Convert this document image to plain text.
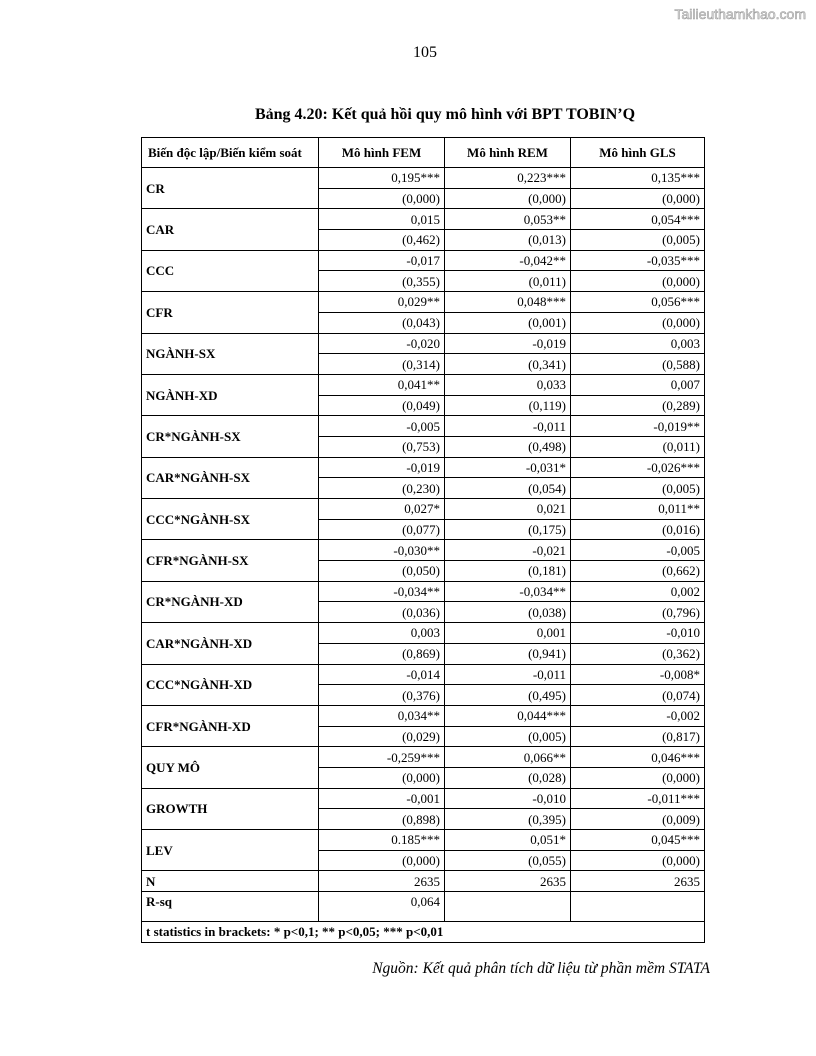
Tailieuthamkhao.com
105
Bảng 4.20: Kết quả hồi quy mô hình với BPT TOBIN’Q
Biến độc lập/Biến kiểm soát	Mô hình FEM	Mô hình REM	Mô hình GLS
CR	0,195***	0,223***	0,135***
	(0,000)	(0,000)	(0,000)
CAR	0,015	0,053**	0,054***
	(0,462)	(0,013)	(0,005)
CCC	-0,017	-0,042**	-0,035***
	(0,355)	(0,011)	(0,000)
CFR	0,029**	0,048***	0,056***
	(0,043)	(0,001)	(0,000)
NGÀNH-SX	-0,020	-0,019	0,003
	(0,314)	(0,341)	(0,588)
NGÀNH-XD	0,041**	0,033	0,007
	(0,049)	(0,119)	(0,289)
CR*NGÀNH-SX	-0,005	-0,011	-0,019**
	(0,753)	(0,498)	(0,011)
CAR*NGÀNH-SX	-0,019	-0,031*	-0,026***
	(0,230)	(0,054)	(0,005)
CCC*NGÀNH-SX	0,027*	0,021	0,011**
	(0,077)	(0,175)	(0,016)
CFR*NGÀNH-SX	-0,030**	-0,021	-0,005
	(0,050)	(0,181)	(0,662)
CR*NGÀNH-XD	-0,034**	-0,034**	0,002
	(0,036)	(0,038)	(0,796)
CAR*NGÀNH-XD	0,003	0,001	-0,010
	(0,869)	(0,941)	(0,362)
CCC*NGÀNH-XD	-0,014	-0,011	-0,008*
	(0,376)	(0,495)	(0,074)
CFR*NGÀNH-XD	0,034**	0,044***	-0,002
	(0,029)	(0,005)	(0,817)
QUY MÔ	-0,259***	0,066**	0,046***
	(0,000)	(0,028)	(0,000)
GROWTH	-0,001	-0,010	-0,011***
	(0,898)	(0,395)	(0,009)
LEV	0.185***	0,051*	0,045***
	(0,000)	(0,055)	(0,000)
N	2635	2635	2635
R-sq	0,064		
t statistics in brackets: * p<0,1; ** p<0,05; *** p<0,01			
Nguồn: Kết quả phân tích dữ liệu từ phần mềm STATA
